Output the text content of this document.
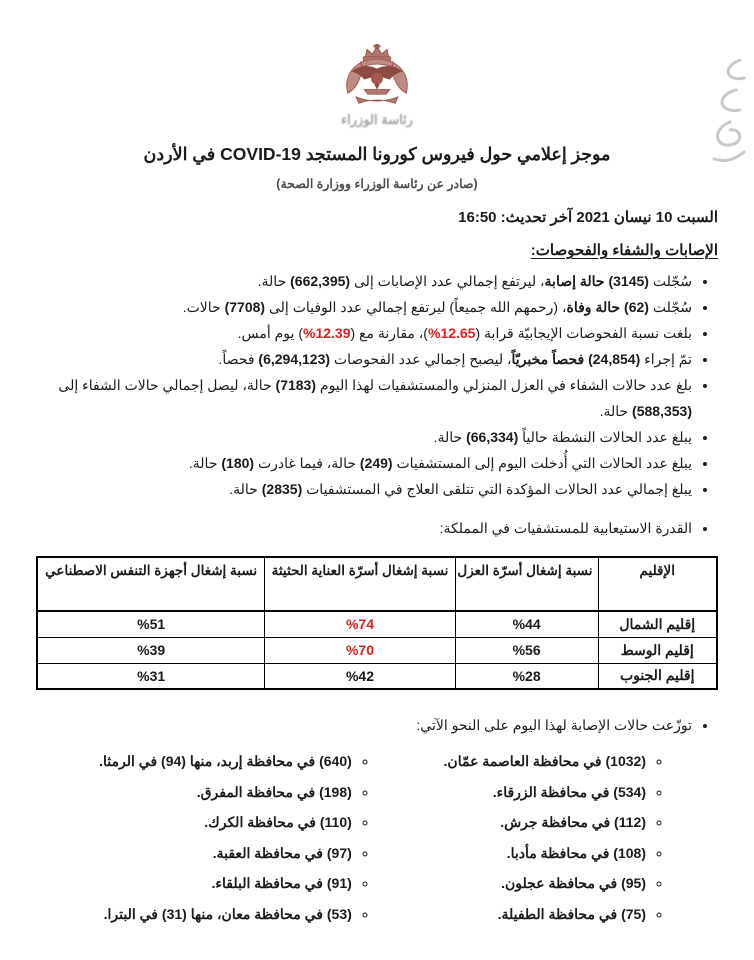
رئاسة الوزراء
موجز إعلامي حول فيروس كورونا المستجد COVID-19 في الأردن
(صادر عن رئاسة الوزراء ووزارة الصحة)
السبت 10 نيسان 2021 آخر تحديث: 16:50
الإصابات والشفاء والفحوصات:
• سُجّلت (3145) حالة إصابة، ليرتفع إجمالي عدد الإصابات إلى (662,395) حالة.
• سُجّلت (62) حالة وفاة، (رحمهم الله جميعاً) ليرتفع إجمالي عدد الوفيات إلى (7708) حالات.
• بلغت نسبة الفحوصات الإيجابيّة قرابة (12.65%)، مقارنة مع (12.39%) يوم أمس.
• تمّ إجراء (24,854) فحصاً مخبريّاً، ليصبح إجمالي عدد الفحوصات (6,294,123) فحصاً.
• بلغ عدد حالات الشفاء في العزل المنزلي والمستشفيات لهذا اليوم (7183) حالة، ليصل إجمالي حالات الشفاء إلى (588,353) حالة.
• يبلغ عدد الحالات النشطة حالياً (66,334) حالة.
• يبلغ عدد الحالات التي أُدخلت اليوم إلى المستشفيات (249) حالة، فيما غادرت (180) حالة.
• يبلغ إجمالي عدد الحالات المؤكدة التي تتلقى العلاج في المستشفيات (2835) حالة.
• القدرة الاستيعابية للمستشفيات في المملكة:
الإقليم	نسبة إشغال أسرّة العزل	نسبة إشغال أسرّة العناية الحثيثة	نسبة إشغال أجهزة التنفس الاصطناعي
إقليم الشمال	%44	%74	%51
إقليم الوسط	%56	%70	%39
إقليم الجنوب	%28	%42	%31
• توزّعت حالات الإصابة لهذا اليوم على النحو الآتي:
◦ (1032) في محافظة العاصمة عمّان.
◦ (534) في محافظة الزرقاء.
◦ (112) في محافظة جرش.
◦ (108) في محافظة مأدبا.
◦ (95) في محافظة عجلون.
◦ (75) في محافظة الطفيلة.
◦ (640) في محافظة إربد، منها (94) في الرمثا.
◦ (198) في محافظة المفرق.
◦ (110) في محافظة الكرك.
◦ (97) في محافظة العقبة.
◦ (91) في محافظة البلقاء.
◦ (53) في محافظة معان، منها (31) في البترا.
